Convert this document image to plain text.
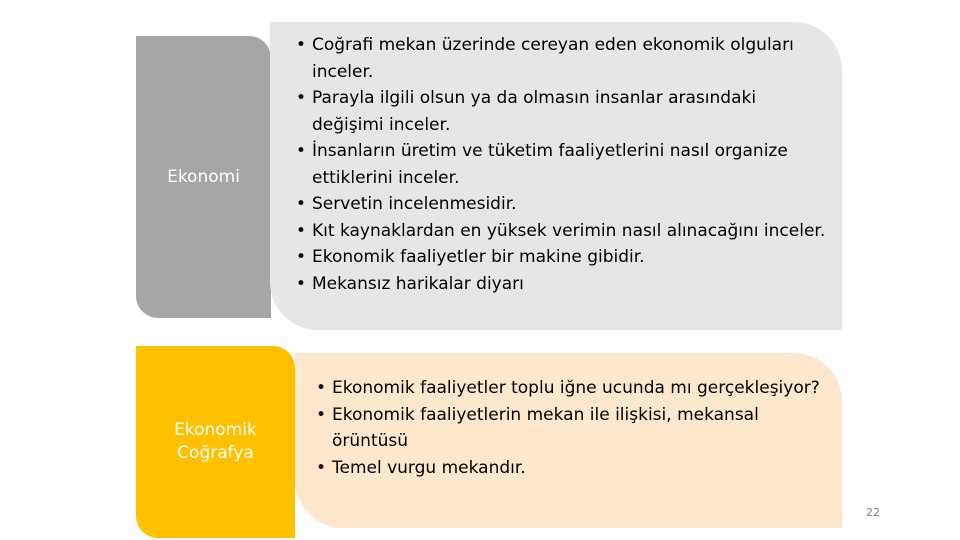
Ekonomi
• Coğrafi mekan üzerinde cereyan eden ekonomik olguları inceler.
• Parayla ilgili olsun ya da olmasın insanlar arasındaki değişimi inceler.
• İnsanların üretim ve tüketim faaliyetlerini nasıl organize ettiklerini inceler.
• Servetin incelenmesidir.
• Kıt kaynaklardan en yüksek verimin nasıl alınacağını inceler.
• Ekonomik faaliyetler bir makine gibidir.
• Mekansız harikalar diyarı
Ekonomik
Coğrafya
• Ekonomik faaliyetler toplu iğne ucunda mı gerçekleşiyor?
• Ekonomik faaliyetlerin mekan ile ilişkisi, mekansal örüntüsü
• Temel vurgu mekandır.
22
